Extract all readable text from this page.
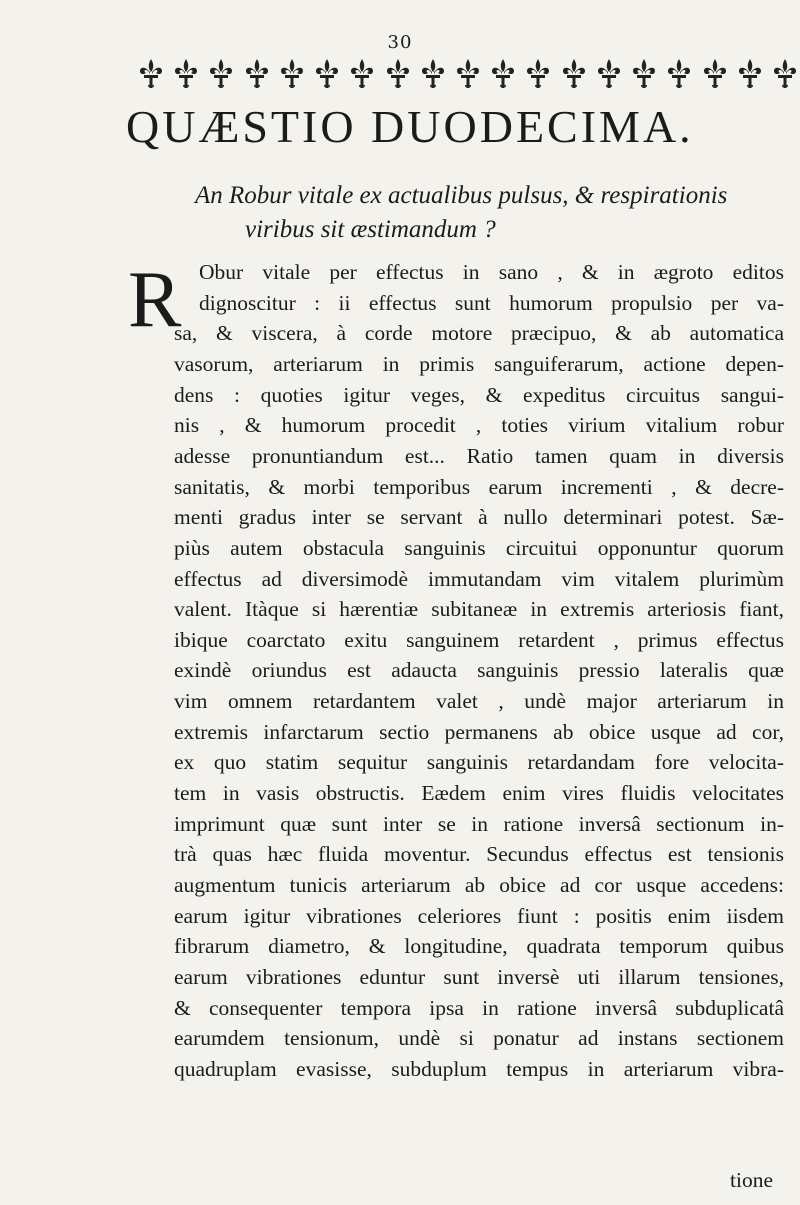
30
QUÆSTIO DUODECIMA.
An Robur vitale ex actualibus pulsus, & respirationis
viribus sit æstimandum ?
R Obur vitale per effectus in sano , & in ægroto editos
dignoscitur : ii effectus sunt humorum propulsio per va-
sa, & viscera, à corde motore præcipuo, & ab automatica
vasorum, arteriarum in primis sanguiferarum, actione depen-
dens : quoties igitur veges, & expeditus circuitus sangui-
nis , & humorum procedit , toties virium vitalium robur
adesse pronuntiandum est... Ratio tamen quam in diversis
sanitatis, & morbi temporibus earum incrementi , & decre-
menti gradus inter se servant à nullo determinari potest. Sæ-
piùs autem obstacula sanguinis circuitui opponuntur quorum
effectus ad diversimodè immutandam vim vitalem plurimùm
valent. Itàque si hærentiæ subitaneæ in extremis arteriosis fiant,
ibique coarctato exitu sanguinem retardent , primus effectus
exindè oriundus est adaucta sanguinis pressio lateralis quæ
vim omnem retardantem valet , undè major arteriarum in
extremis infarctarum sectio permanens ab obice usque ad cor,
ex quo statim sequitur sanguinis retardandam fore velocita-
tem in vasis obstructis. Eædem enim vires fluidis velocitates
imprimunt quæ sunt inter se in ratione inversâ sectionum in-
trà quas hæc fluida moventur. Secundus effectus est tensionis
augmentum tunicis arteriarum ab obice ad cor usque accedens:
earum igitur vibrationes celeriores fiunt : positis enim iisdem
fibrarum diametro, & longitudine, quadrata temporum quibus
earum vibrationes eduntur sunt inversè uti illarum tensiones,
& consequenter tempora ipsa in ratione inversâ subduplicatâ
earumdem tensionum, undè si ponatur ad instans sectionem
quadruplam evasisse, subduplum tempus in arteriarum vibra-
tione
